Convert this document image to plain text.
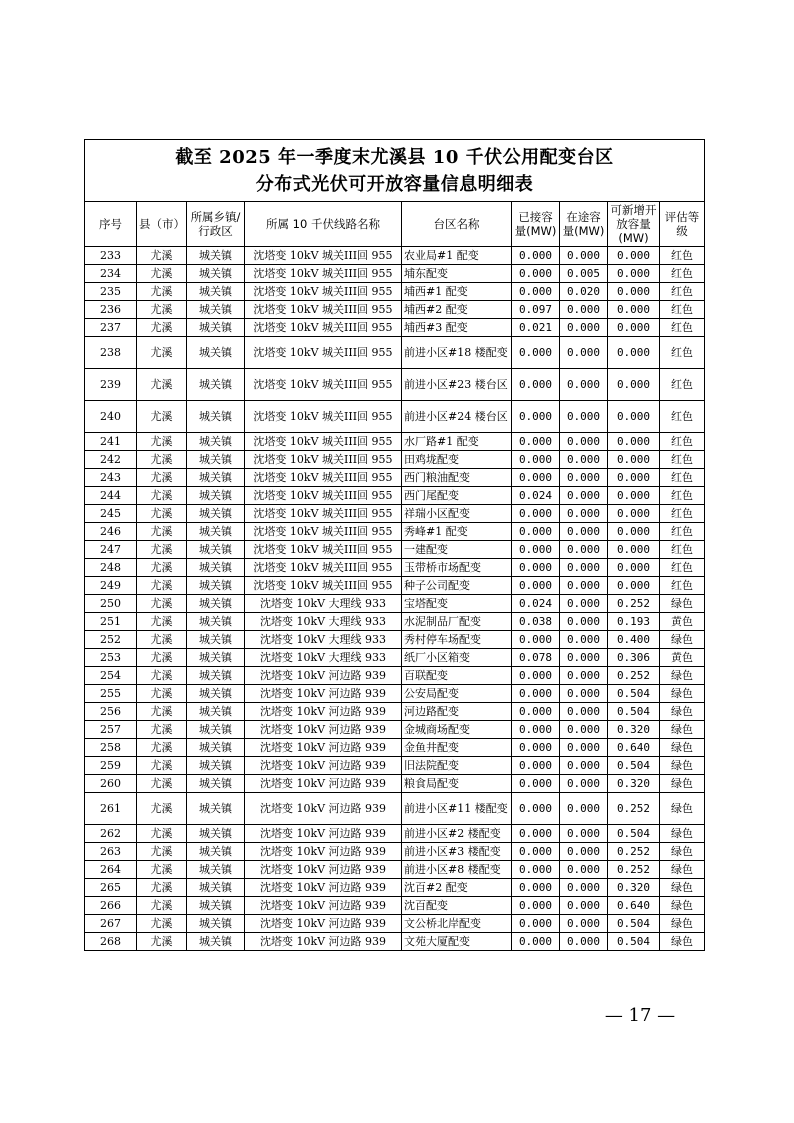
截至 2025 年一季度末尤溪县 10 千伏公用配变台区
分布式光伏可开放容量信息明细表								

序号	县（市）	所属乡镇/行政区	所属 10 千伏线路名称	台区名称	已接容量(MW)	在途容量(MW)	可新增开放容量(MW)	评估等级
233	尤溪	城关镇	沈塔变 10kV 城关III回 955	农业局#1 配变	0.000	0.000	0.000	红色
234	尤溪	城关镇	沈塔变 10kV 城关III回 955	埔东配变	0.000	0.005	0.000	红色
235	尤溪	城关镇	沈塔变 10kV 城关III回 955	埔西#1 配变	0.000	0.020	0.000	红色
236	尤溪	城关镇	沈塔变 10kV 城关III回 955	埔西#2 配变	0.097	0.000	0.000	红色
237	尤溪	城关镇	沈塔变 10kV 城关III回 955	埔西#3 配变	0.021	0.000	0.000	红色
238	尤溪	城关镇	沈塔变 10kV 城关III回 955	前进小区#18 楼配变	0.000	0.000	0.000	红色
239	尤溪	城关镇	沈塔变 10kV 城关III回 955	前进小区#23 楼台区	0.000	0.000	0.000	红色
240	尤溪	城关镇	沈塔变 10kV 城关III回 955	前进小区#24 楼台区	0.000	0.000	0.000	红色
241	尤溪	城关镇	沈塔变 10kV 城关III回 955	水厂路#1 配变	0.000	0.000	0.000	红色
242	尤溪	城关镇	沈塔变 10kV 城关III回 955	田鸡垅配变	0.000	0.000	0.000	红色
243	尤溪	城关镇	沈塔变 10kV 城关III回 955	西门粮油配变	0.000	0.000	0.000	红色
244	尤溪	城关镇	沈塔变 10kV 城关III回 955	西门尾配变	0.024	0.000	0.000	红色
245	尤溪	城关镇	沈塔变 10kV 城关III回 955	祥瑞小区配变	0.000	0.000	0.000	红色
246	尤溪	城关镇	沈塔变 10kV 城关III回 955	秀峰#1 配变	0.000	0.000	0.000	红色
247	尤溪	城关镇	沈塔变 10kV 城关III回 955	一建配变	0.000	0.000	0.000	红色
248	尤溪	城关镇	沈塔变 10kV 城关III回 955	玉带桥市场配变	0.000	0.000	0.000	红色
249	尤溪	城关镇	沈塔变 10kV 城关III回 955	种子公司配变	0.000	0.000	0.000	红色
250	尤溪	城关镇	沈塔变 10kV 大理线 933	宝塔配变	0.024	0.000	0.252	绿色
251	尤溪	城关镇	沈塔变 10kV 大理线 933	水泥制品厂配变	0.038	0.000	0.193	黄色
252	尤溪	城关镇	沈塔变 10kV 大理线 933	秀村停车场配变	0.000	0.000	0.400	绿色
253	尤溪	城关镇	沈塔变 10kV 大理线 933	纸厂小区箱变	0.078	0.000	0.306	黄色
254	尤溪	城关镇	沈塔变 10kV 河边路 939	百联配变	0.000	0.000	0.252	绿色
255	尤溪	城关镇	沈塔变 10kV 河边路 939	公安局配变	0.000	0.000	0.504	绿色
256	尤溪	城关镇	沈塔变 10kV 河边路 939	河边路配变	0.000	0.000	0.504	绿色
257	尤溪	城关镇	沈塔变 10kV 河边路 939	金城商场配变	0.000	0.000	0.320	绿色
258	尤溪	城关镇	沈塔变 10kV 河边路 939	金鱼井配变	0.000	0.000	0.640	绿色
259	尤溪	城关镇	沈塔变 10kV 河边路 939	旧法院配变	0.000	0.000	0.504	绿色
260	尤溪	城关镇	沈塔变 10kV 河边路 939	粮食局配变	0.000	0.000	0.320	绿色
261	尤溪	城关镇	沈塔变 10kV 河边路 939	前进小区#11 楼配变	0.000	0.000	0.252	绿色
262	尤溪	城关镇	沈塔变 10kV 河边路 939	前进小区#2 楼配变	0.000	0.000	0.504	绿色
263	尤溪	城关镇	沈塔变 10kV 河边路 939	前进小区#3 楼配变	0.000	0.000	0.252	绿色
264	尤溪	城关镇	沈塔变 10kV 河边路 939	前进小区#8 楼配变	0.000	0.000	0.252	绿色
265	尤溪	城关镇	沈塔变 10kV 河边路 939	沈百#2 配变	0.000	0.000	0.320	绿色
266	尤溪	城关镇	沈塔变 10kV 河边路 939	沈百配变	0.000	0.000	0.640	绿色
267	尤溪	城关镇	沈塔变 10kV 河边路 939	文公桥北岸配变	0.000	0.000	0.504	绿色
268	尤溪	城关镇	沈塔变 10kV 河边路 939	文苑大厦配变	0.000	0.000	0.504	绿色
— 17 —
